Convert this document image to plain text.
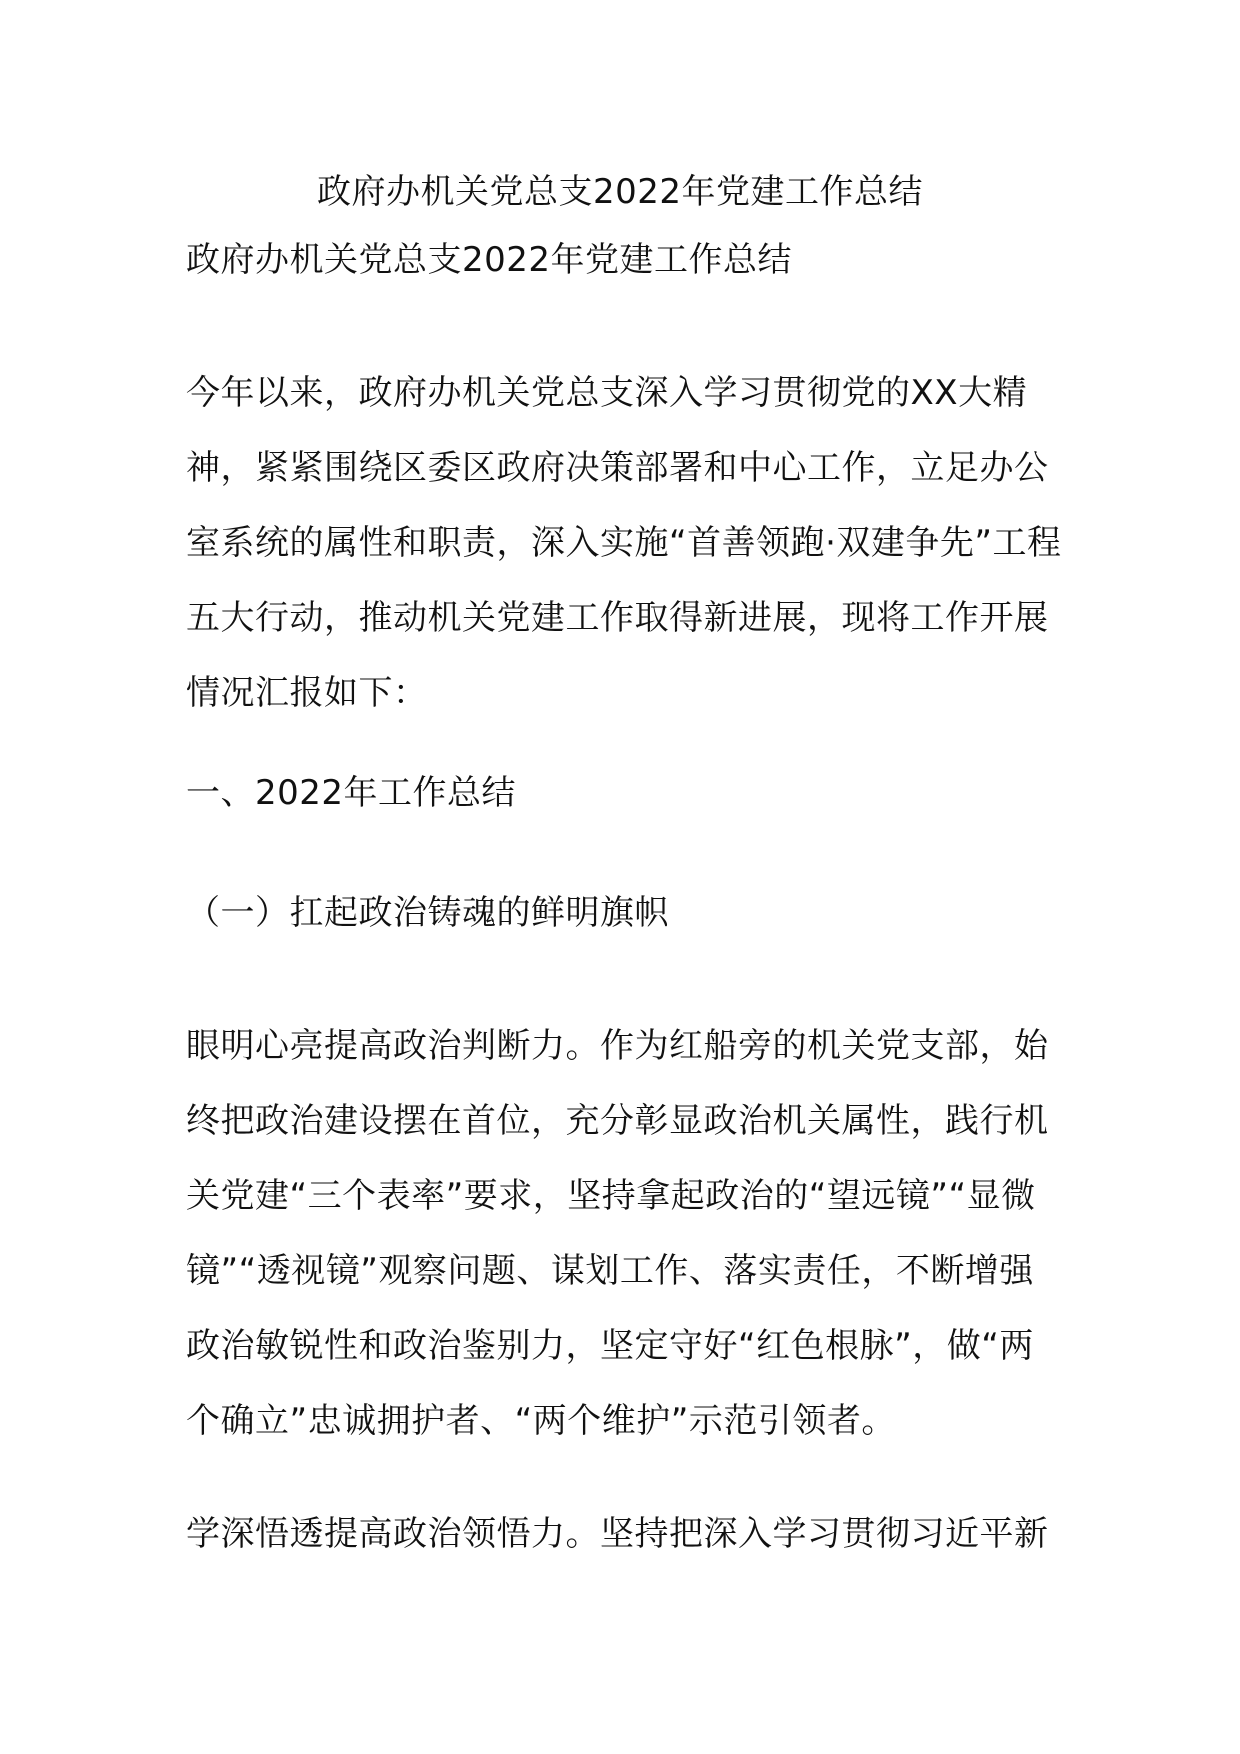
政府办机关党总支2022年党建工作总结

政府办机关党总支2022年党建工作总结

今年以来，政府办机关党总支深入学习贯彻党的XX大精神，紧紧围绕区委区政府决策部署和中心工作，立足办公室系统的属性和职责，深入实施“首善领跑·双建争先”工程五大行动，推动机关党建工作取得新进展，现将工作开展情况汇报如下：

一、2022年工作总结

（一）扛起政治铸魂的鲜明旗帜

眼明心亮提高政治判断力。作为红船旁的机关党支部，始终把政治建设摆在首位，充分彰显政治机关属性，践行机关党建“三个表率”要求，坚持拿起政治的“望远镜”“显微镜”“透视镜”观察问题、谋划工作、落实责任，不断增强政治敏锐性和政治鉴别力，坚定守好“红色根脉”，做“两个确立”忠诚拥护者、“两个维护”示范引领者。

学深悟透提高政治领悟力。坚持把深入学习贯彻习近平新
